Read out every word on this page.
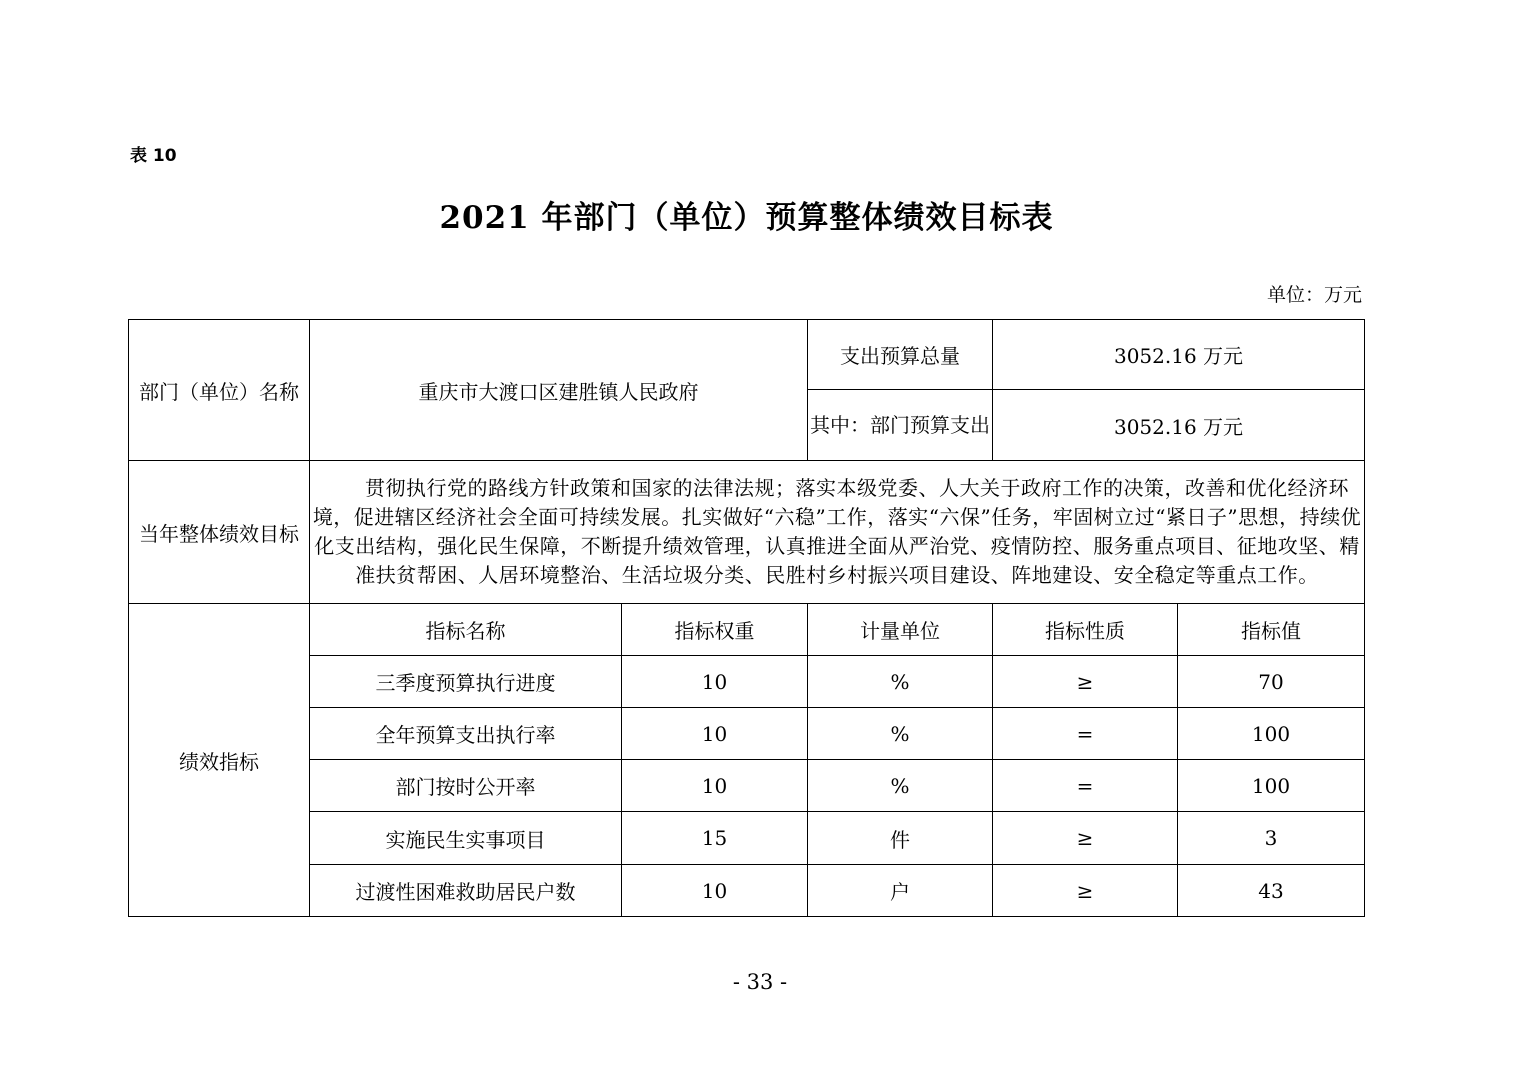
表 10
2021 年部门（单位）预算整体绩效目标表
单位：万元
部门（单位）名称	重庆市大渡口区建胜镇人民政府		支出预算总量	3052.16 万元	
			其中：部门预算支出	3052.16 万元	
当年整体绩效目标	贯彻执行党的路线方针政策和国家的法律法规；落实本级党委、人大关于政府工作的决策，改善和优化经济环境，促进辖区经济社会全面可持续发展。扎实做好“六稳”工作，落实“六保”任务，牢固树立过“紧日子”思想，持续优化支出结构，强化民生保障，不断提升绩效管理，认真推进全面从严治党、疫情防控、服务重点项目、征地攻坚、精准扶贫帮困、人居环境整治、生活垃圾分类、民胜村乡村振兴项目建设、阵地建设、安全稳定等重点工作。				
绩效指标	指标名称	指标权重	计量单位	指标性质	指标值
	三季度预算执行进度	10	%	≥	70
	全年预算支出执行率	10	%	=	100
	部门按时公开率	10	%	=	100
	实施民生实事项目	15	件	≥	3
	过渡性困难救助居民户数	10	户	≥	43
- 33 -
